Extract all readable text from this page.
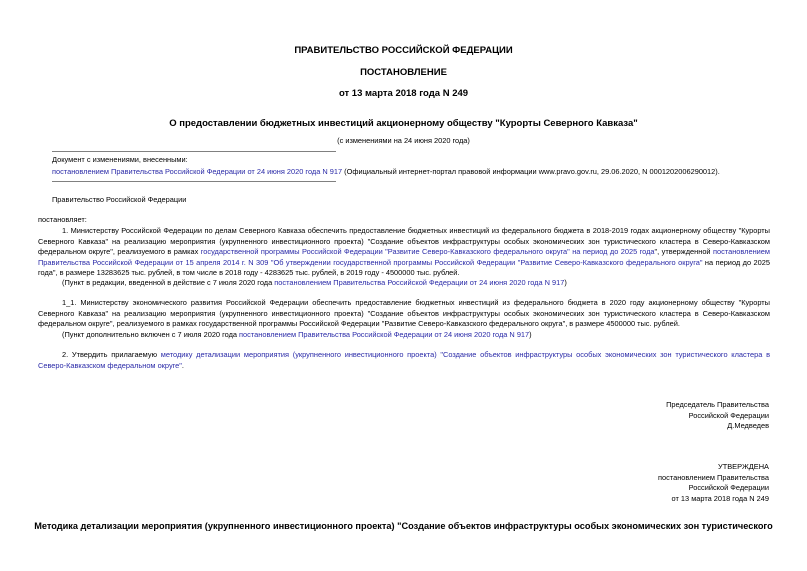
ПРАВИТЕЛЬСТВО РОССИЙСКОЙ ФЕДЕРАЦИИ
ПОСТАНОВЛЕНИЕ
от 13 марта 2018 года N 249
О предоставлении бюджетных инвестиций акционерному обществу "Курорты Северного Кавказа"
(с изменениями на 24 июня 2020 года)

Документ с изменениями, внесенными:

постановлением Правительства Российской Федерации от 24 июня 2020 года N 917 (Официальный интернет-портал правовой информации www.pravo.gov.ru, 29.06.2020, N 0001202006290012).

Правительство Российской Федерации
постановляет:
1. Министерству Российской Федерации по делам Северного Кавказа обеспечить предоставление бюджетных инвестиций из федерального бюджета в 2018-2019 годах акционерному обществу "Курорты Северного Кавказа" на реализацию мероприятия (укрупненного инвестиционного проекта) "Создание объектов инфраструктуры особых экономических зон туристического кластера в Северо-Кавказском федеральном округе", реализуемого в рамках государственной программы Российской Федерации "Развитие Северо-Кавказского федерального округа" на период до 2025 года", утвержденной постановлением Правительства Российской Федерации от 15 апреля 2014 г. N 309 "Об утверждении государственной программы Российской Федерации "Развитие Северо-Кавказского федерального округа" на период до 2025 года", в размере 13283625 тыс. рублей, в том числе в 2018 году - 4283625 тыс. рублей, в 2019 году - 4500000 тыс. рублей.
(Пункт в редакции, введенной в действие с 7 июля 2020 года постановлением Правительства Российской Федерации от 24 июня 2020 года N 917)
1_1. Министерству экономического развития Российской Федерации обеспечить предоставление бюджетных инвестиций из федерального бюджета в 2020 году акционерному обществу "Курорты Северного Кавказа" на реализацию мероприятия (укрупненного инвестиционного проекта) "Создание объектов инфраструктуры особых экономических зон туристического кластера в Северо-Кавказском федеральном округе", реализуемого в рамках государственной программы Российской Федерации "Развитие Северо-Кавказского федерального округа", в размере 4500000 тыс. рублей.
(Пункт дополнительно включен с 7 июля 2020 года постановлением Правительства Российской Федерации от 24 июня 2020 года N 917)
2. Утвердить прилагаемую методику детализации мероприятия (укрупненного инвестиционного проекта) "Создание объектов инфраструктуры особых экономических зон туристического кластера в Северо-Кавказском федеральном округе".

Председатель Правительства

Российской Федерации

Д.Медведев

УТВЕРЖДЕНА

постановлением Правительства

Российской Федерации

от 13 марта 2018 года N 249

Методика детализации мероприятия (укрупненного инвестиционного проекта) "Создание объектов инфраструктуры особых экономических зон туристического
